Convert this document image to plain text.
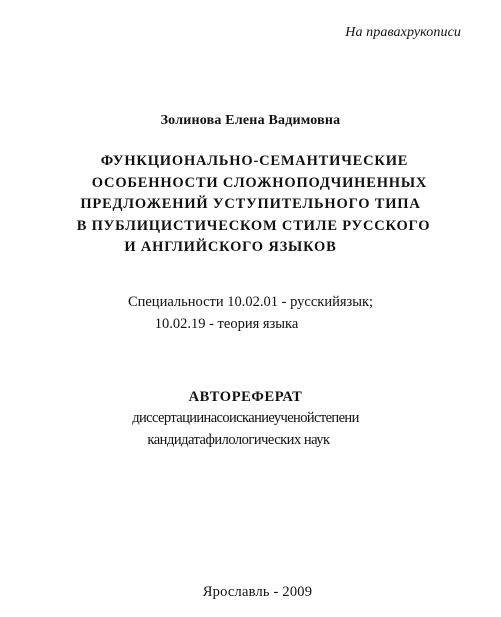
На правахрукописи

Золинова Елена Вадимовна

ФУНКЦИОНАЛЬНО-СЕМАНТИЧЕСКИЕ
ОСОБЕННОСТИ СЛОЖНОПОДЧИНЕННЫХ
ПРЕДЛОЖЕНИЙ УСТУПИТЕЛЬНОГО ТИПА
В ПУБЛИЦИСТИЧЕСКОМ СТИЛЕ РУССКОГО
И АНГЛИЙСКОГО ЯЗЫКОВ

Специальности 10.02.01 - русскийязык;

10.02.19 - теория языка

АВТОРЕФЕРАТ

диссертациинасоисканиеученойстепени

кандидатафилологических наук

Ярославль - 2009
